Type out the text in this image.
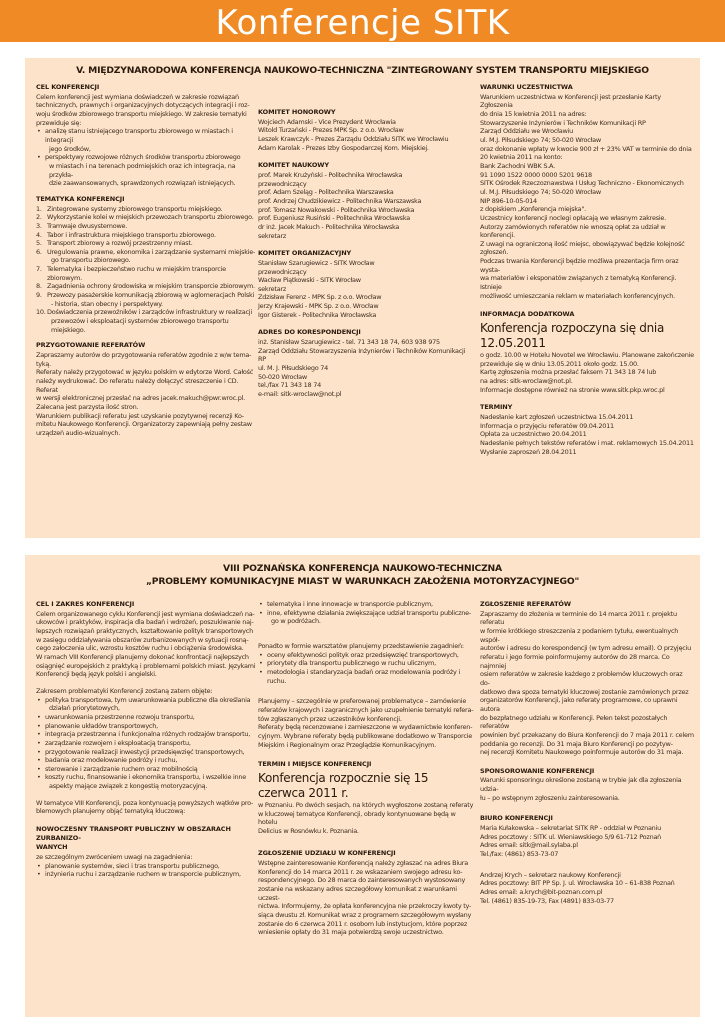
Konferencje SITK
V. MIĘDZYNARODOWA KONFERENCJA NAUKOWO-TECHNICZNA "ZINTEGROWANY SYSTEM TRANSPORTU MIEJSKIEGO
CEL KONFERENCJI

Celem konferencji jest wymiana doświadczeń w zakresie rozwiązań

technicznych, prawnych i organizacyjnych dotyczących integracji i roz-

woju środków zbiorowego transportu miejskiego. W zakresie tematyki

przewiduje się:

• analizę stanu istniejącego transportu zbiorowego w miastach i integracji
jego środków,
• perspektywy rozwojowe różnych środków transportu zbiorowego
w miastach i na terenach podmiejskich oraz ich integracja, na przykła-
dzie zaawansowanych, sprawdzonych rozwiązań istniejących.
TEMATYKA KONFERENCJI
1. Zintegrowane systemy zbiorowego transportu miejskiego.
2. Wykorzystanie kolei w miejskich przewozach transportu zbiorowego.
3. Tramwaje dwusystemowe.
4. Tabor i infrastruktura miejskiego transportu zbiorowego.
5. Transport zbiorowy a rozwój przestrzenny miast.
6. Uregulowania prawne, ekonomika i zarządzanie systemami miejskie-
go transportu zbiorowego.
7. Telematyka i bezpieczeństwo ruchu w miejskim transporcie zbiorowym.
8. Zagadnienia ochrony środowiska w miejskim transporcie zbiorowym.
9. Przewozy pasażerskie komunikacją zbiorową w aglomeracjach Polski
- historia, stan obecny i perspektywy.
10. Doświadczenia przewoźników i zarządców infrastruktury w realizacji
przewozów i eksploatacji systemów zbiorowego transportu miejskiego.
PRZYGOTOWANIE REFERATÓW

Zapraszamy autorów do przygotowania referatów zgodnie z w/w tema-

tyką.

Referaty należy przygotować w języku polskim w edytorze Word. Całość

należy wydrukować. Do referatu należy dołączyć streszczenie i CD. Referat

w wersji elektronicznej przesłać na adres jacek.makuch@pwr.wroc.pl.

Zalecana jest parzysta ilość stron.

Warunkiem publikacji referatu jest uzyskanie pozytywnej recenzji Ko-

mitetu Naukowego Konferencji. Organizatorzy zapewniają pełny zestaw

urządzeń audio-wizualnych.

KOMITET HONOROWY

Wojciech Adamski - Vice Prezydent Wrocławia

Witold Turzański - Prezes MPK Sp. z o.o. Wrocław

Leszek Krawczyk - Prezes Zarządu Oddziału SITK we Wrocławiu

Adam Karolak - Prezes Izby Gospodarczej Kom. Miejskiej.

KOMITET NAUKOWY

prof. Marek Krużyński - Politechnika Wrocławska

przewodniczący

prof. Adam Szeląg - Politechnika Warszawska

prof. Andrzej Chudzikiewicz - Politechnika Warszawska

prof. Tomasz Nowakowski - Politechnika Wrocławska

prof. Eugeniusz Rusiński - Politechnika Wrocławska

dr inż. Jacek Makuch - Politechnika Wrocławska

sekretarz

KOMITET ORGANIZACYJNY

Stanisław Szarugiewicz - SITK Wrocław

przewodniczący

Wacław Piątkowski - SITK Wrocław

sekretarz

Zdzisław Ferenz - MPK Sp. z o.o. Wrocław

Jerzy Krajewski - MPK Sp. z o.o. Wrocław

Igor Gisterek - Politechnika Wrocławska

ADRES DO KORESPONDENCJI

inż. Stanisław Szarugiewicz - tel. 71 343 18 74, 603 938 975

Zarząd Oddziału Stowarzyszenia Inżynierów i Techników Komunikacji RP

ul. M. J. Piłsudskiego 74

50-020 Wrocław

tel./fax 71 343 18 74

e-mail: sitk-wroclaw@not.pl

WARUNKI UCZESTNICTWA

Warunkiem uczestnictwa w Konferencji jest przesłanie Karty Zgłoszenia

do dnia 15 kwietnia 2011 na adres:

Stowarzyszenie Inżynierów i Techników Komunikacji RP

Zarząd Oddziału we Wrocławiu

ul. M.J. Piłsudskiego 74; 50-020 Wrocław

oraz dokonanie wpłaty w kwocie 900 zł + 23% VAT w terminie do dnia

20 kwietnia 2011 na konto:

Bank Zachodni WBK S.A.

91 1090 1522 0000 0000 5201 9618

SITK Ośrodek Rzeczoznawstwa I Usług Techniczno - Ekonomicznych

ul. M.J. Piłsudskiego 74; 50-020 Wrocław

NIP 896-10-05-014

z dopiskiem „Konferencja miejska".

Uczestnicy konferencji noclegi opłacają we własnym zakresie.

Autorzy zamówionych referatów nie wnoszą opłat za udział w konferencji.

Z uwagi na ograniczoną ilość miejsc, obowiązywać będzie kolejność

zgłoszeń.

Podczas trwania Konferencji będzie możliwa prezentacja firm oraz wysta-

wa materiałów i eksponatów związanych z tematyką Konferencji. Istnieje

możliwość umieszczania reklam w materiałach konferencyjnych.

INFORMACJA DODATKOWA
Konferencja rozpoczyna się dnia 12.05.2011

o godz. 10.00 w Hotelu Novotel we Wrocławiu. Planowane zakończenie

przewiduje się w dniu 13.05.2011 około godz. 15.00.

Kartę zgłoszenia można przesłać faksem 71 343 18 74 lub

na adres: sitk-wroclaw@not.pl.

Informacje dostępne również na stronie www.sitk.pkp.wroc.pl

TERMINY

Nadesłanie kart zgłoszeń uczestnictwa 15.04.2011

Informacja o przyjęciu referatów 09.04.2011

Opłata za uczestnictwo 20.04.2011

Nadesłanie pełnych tekstów referatów i mat. reklamowych 15.04.2011

Wysłanie zaproszeń 28.04.2011

VIII POZNAŃSKA KONFERENCJA NAUKOWO-TECHNICZNA
„PROBLEMY KOMUNIKACYJNE MIAST W WARUNKACH ZAŁOŻENIA MOTORYZACYJNEGO"
CEL I ZAKRES KONFERENCJI

Celem organizowanego cyklu Konferencji jest wymiana doświadczeń na-

ukowców i praktyków, inspiracja dla badań i wdrożeń, poszukiwanie naj-

lepszych rozwiązań praktycznych, kształtowanie polityk transportowych

w zasięgu oddziaływania obszarów zurbanizowanych w sytuacji rosną-

cego załoczenia ulic, wzrostu kosztów ruchu i obciążenia środowiska.

W ramach VIII Konferencji planujemy dokonać konfrontacji najlepszych

osiągnięć europejskich z praktyką i problemami polskich miast. Językami

Konferencji będą język polski i angielski.

Zakresem problematyki Konferencji zostaną zatem objęte:

• polityka transportowa, tym uwarunkowania publiczne dla określania
działań priorytetowych,
• uwarunkowania przestrzenne rozwoju transportu,
• planowanie układów transportowych,
• integracja przestrzenna i funkcjonalna różnych rodzajów transportu,
• zarządzanie rozwojem i eksploatacją transportu,
• przygotowanie realizacji inwestycji przedsięwzięć transportowych,
• badania oraz modelowanie podróży i ruchu,
• sterowanie i zarządzanie ruchem oraz mobilnością
• koszty ruchu, finansowanie i ekonomika transportu, i wszelkie inne
aspekty mające związek z kongestią motoryzacyjną.

W tematyce VIII Konferencji, poza kontynuacją powyższych wątków pro-

blemowych planujemy objąć tematyką kluczową:

NOWOCZESNY TRANSPORT PUBLICZNY W OBSZARACH ZURBANIZO-
WANYCH

ze szczególnym zwróceniem uwagi na zagadnienia:

• planowanie systemów, sieci i tras transportu publicznego,
• inżynieria ruchu i zarządzanie ruchem w transporcie publicznym,
• telematyka i inne innowacje w transporcie publicznym,
• inne, efektywne działania zwiększające udział transportu publiczne-
go w podróżach.

Ponadto w formie warsztatów planujemy przedstawienie zagadnień:

• oceny efektywności polityk oraz przedsięwzięć transportowych,
• priorytety dla transportu publicznego w ruchu ulicznym,
• metodologia i standaryzacja badań oraz modelowania podróży i ruchu.

Planujemy – szczególnie w preferowanej problematyce – zamówienie

referatów krajowych i zagranicznych jako uzupełnienie tematyki refera-

tów zgłaszanych przez uczestników konferencji.

Referaty będą recenzowane i zamieszczone w wydawnictwie konferen-

cyjnym. Wybrane referaty będą publikowane dodatkowo w Transporcie

Miejskim i Regionalnym oraz Przeglądzie Komunikacyjnym.

TERMIN I MIEJSCE KONFERENCJI
Konferencja rozpocznie się 15 czerwca 2011 r.

w Poznaniu. Po dwóch sesjach, na których wygłoszone zostaną referaty

w kluczowej tematyce Konferencji, obrady kontynuowane będą w hotelu

Delicius w Rosnówku k. Poznania.

ZGŁOSZENIE UDZIAŁU W KONFERENCJI

Wstępne zainteresowanie Konferencją należy zgłaszać na adres Biura

Konferencji do 14 marca 2011 r. ze wskazaniem swojego adresu ko-

respondencyjnego. Do 28 marca do zainteresowanych wystosowany

zostanie na wskazany adres szczegółowy komunikat z warunkami uczest-

nictwa. Informujemy, że opłata konferencyjna nie przekroczy kwoty ty-

siąca dwustu zł. Komunikat wraz z programem szczegółowym wysłany

zostanie do 6 czerwca 2011 r. osobom lub instytucjom, które poprzez

wniesienie opłaty do 31 maja potwierdzą swoje uczestnictwo.

ZGŁOSZENIE REFERATÓW

Zapraszamy do złożenia w terminie do 14 marca 2011 r. projektu referatu

w formie krótkiego streszczenia z podaniem tytułu, ewentualnych współ-

autorów i adresu do korespondencji (w tym adresu email). O przyjęciu

referatu i jego formie poinformujemy autorów do 28 marca. Co najmniej

osiem referatów w zakresie każdego z problemów kluczowych oraz do-

datkowo dwa spoza tematyki kluczowej zostanie zamówionych przez

organizatorów Konferencji, jako referaty programowe, co uprawni autora

do bezpłatnego udziału w Konferencji. Pełen tekst pozostałych referatów

powinien być przekazany do Biura Konferencji do 7 maja 2011 r. celem

poddania go recenzji. Do 31 maja Biuro Konferencji po pozytyw-

nej recenzji Komitetu Naukowego poinformuje autorów do 31 maja.

SPONSOROWANIE KONFERENCJI

Warunki sponsoringu określone zostaną w trybie jak dla zgłoszenia udzia-

łu – po wstępnym zgłoszeniu zainteresowania.

BIURO KONFERENCJI

Maria Kułakowska – sekretariat SITK RP - oddział w Poznaniu

Adres pocztowy : SITK ul. Wieniawskiego 5/9 61-712 Poznań

Adres email: sitk@mail.sylaba.pl

Tel./fax: (4861) 853-73-07

Andrzej Krych – sekretarz naukowy Konferencji

Adres pocztowy: BIT PP Sp. J. ul. Wrocławska 10 – 61-838 Poznań

Adres email: a.krych@bit-poznan.com.pl

Tel. (4861) 835-19-73, Fax (4891) 833-03-77
